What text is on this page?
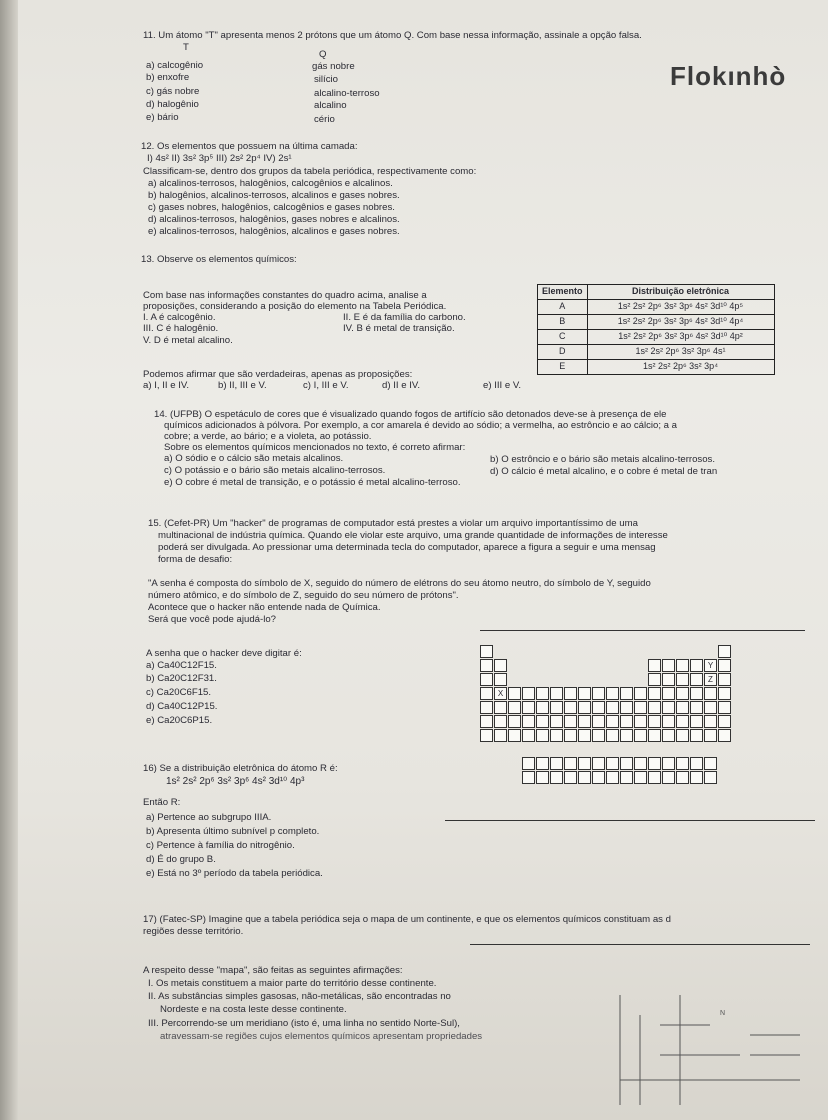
Flokınhò
11. Um átomo "T" apresenta menos 2 prótons que um átomo Q. Com base nessa informação, assinale a opção falsa.
T
Q
a) calcogênio	gás nobre
b) enxofre	silício
c) gás nobre	alcalino-terroso
d) halogênio	alcalino
e) bário	cério
12. Os elementos que possuem na última camada:
I) 4s² II) 3s² 3p⁵ III) 2s² 2p⁴ IV) 2s¹
Classificam-se, dentro dos grupos da tabela periódica, respectivamente como:
a) alcalinos-terrosos, halogênios, calcogênios e alcalinos.
b) halogênios, alcalinos-terrosos, alcalinos e gases nobres.
c) gases nobres, halogênios, calcogênios e gases nobres.
d) alcalinos-terrosos, halogênios, gases nobres e alcalinos.
e) alcalinos-terrosos, halogênios, alcalinos e gases nobres.
13. Observe os elementos químicos:
Com base nas informações constantes do quadro acima, analise a
proposições, considerando a posição do elemento na Tabela Periódica.
I. A é calcogênio.	II. E é da família do carbono.
III. C é halogênio.	IV. B é metal de transição.
V. D é metal alcalino.
Podemos afirmar que são verdadeiras, apenas as proposições:
a) I, II e IV.	b) II, III e V.	c) I, III e V.	d) II e IV.	e) III e V.
Elemento	Distribuição eletrônica
A	1s² 2s² 2p⁶ 3s² 3p⁶ 4s² 3d¹⁰ 4p⁵
B	1s² 2s² 2p⁶ 3s² 3p⁶ 4s² 3d¹⁰ 4p⁴
C	1s² 2s² 2p⁶ 3s² 3p⁶ 4s² 3d¹⁰ 4p²
D	1s² 2s² 2p⁶ 3s² 3p⁶ 4s¹
E	1s² 2s² 2p⁶ 3s² 3p⁴
14. (UFPB) O espetáculo de cores que é visualizado quando fogos de artifício são detonados deve-se à presença de ele
químicos adicionados à pólvora. Por exemplo, a cor amarela é devido ao sódio; a vermelha, ao estrôncio e ao cálcio; a a
cobre; a verde, ao bário; e a violeta, ao potássio.
Sobre os elementos químicos mencionados no texto, é correto afirmar:
a) O sódio e o cálcio são metais alcalinos.	b) O estrôncio e o bário são metais alcalino-terrosos.
c) O potássio e o bário são metais alcalino-terrosos.	d) O cálcio é metal alcalino, e o cobre é metal de tran
e) O cobre é metal de transição, e o potássio é metal alcalino-terroso.
15. (Cefet-PR) Um "hacker" de programas de computador está prestes a violar um arquivo importantíssimo de uma
multinacional de indústria química. Quando ele violar este arquivo, uma grande quantidade de informações de interesse
poderá ser divulgada. Ao pressionar uma determinada tecla do computador, aparece a figura a seguir e uma mensag
forma de desafio:
"A senha é composta do símbolo de X, seguido do número de elétrons do seu átomo neutro, do símbolo de Y, seguido
número atômico, e do símbolo de Z, seguido do seu número de prótons".
Acontece que o hacker não entende nada de Química.
Será que você pode ajudá-lo?
A senha que o hacker deve digitar é:
a) Ca40C12F15.
b) Ca20C12F31.
c) Ca20C6F15.
d) Ca40C12P15.
e) Ca20C6P15.
Y
Z
X
16) Se a distribuição eletrônica do átomo R é:
1s² 2s² 2p⁶ 3s² 3p⁶ 4s² 3d¹⁰ 4p³
Então R:
a) Pertence ao subgrupo IIIA.
b) Apresenta último subnível p completo.
c) Pertence à família do nitrogênio.
d) É do grupo B.
e) Está no 3º período da tabela periódica.
17) (Fatec-SP) Imagine que a tabela periódica seja o mapa de um continente, e que os elementos químicos constituam as d
regiões desse território.
A respeito desse "mapa", são feitas as seguintes afirmações:
I. Os metais constituem a maior parte do território desse continente.
II. As substâncias simples gasosas, não-metálicas, são encontradas no
Nordeste e na costa leste desse continente.
III. Percorrendo-se um meridiano (isto é, uma linha no sentido Norte-Sul),
atravessam-se regiões cujos elementos químicos apresentam propriedades
N
